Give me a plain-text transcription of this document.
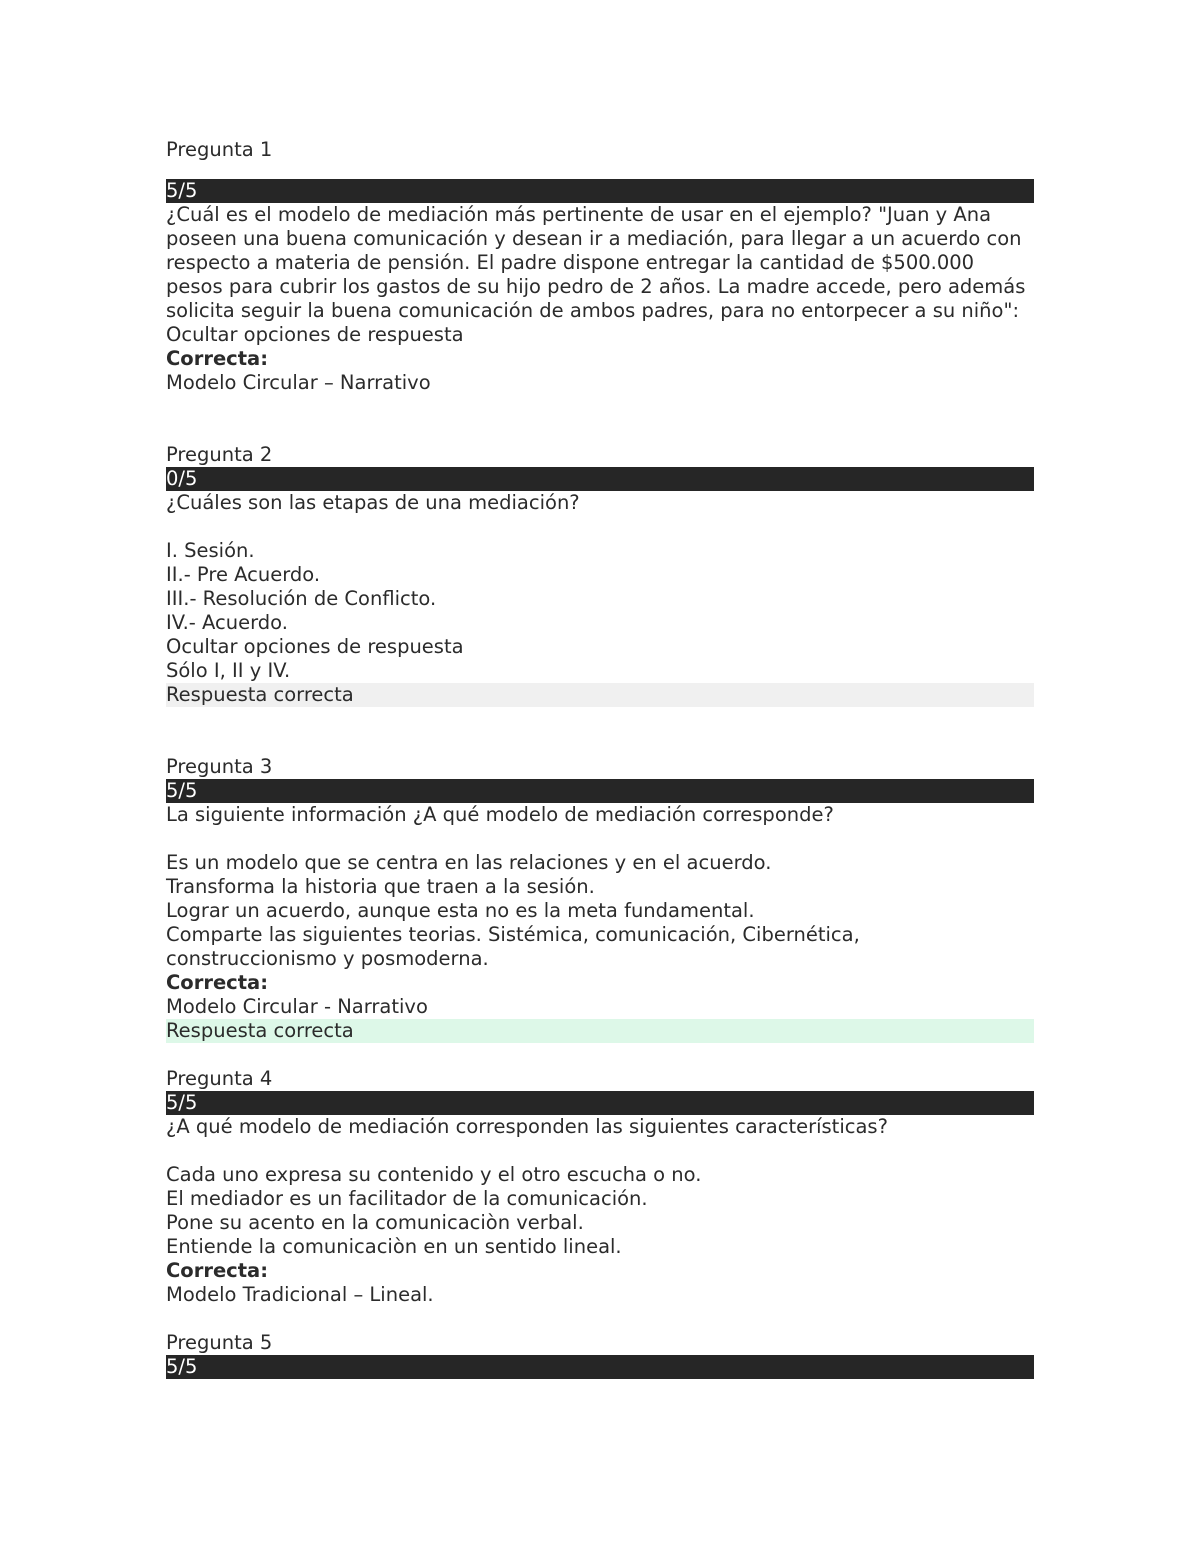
Pregunta 1
5/5
¿Cuál es el modelo de mediación más pertinente de usar en el ejemplo? "Juan y Ana poseen una buena comunicación y desean ir a mediación, para llegar a un acuerdo con respecto a materia de pensión. El padre dispone entregar la cantidad de $500.000 pesos para cubrir los gastos de su hijo pedro de 2 años. La madre accede, pero además solicita seguir la buena comunicación de ambos padres, para no entorpecer a su niño":
Ocultar opciones de respuesta
Correcta:
Modelo Circular – Narrativo
Pregunta 2
0/5
¿Cuáles son las etapas de una mediación?
I. Sesión.
II.- Pre Acuerdo.
III.- Resolución de Conflicto.
IV.- Acuerdo.
Ocultar opciones de respuesta
Sólo I, II y IV.
Respuesta correcta
Pregunta 3
5/5
La siguiente información ¿A qué modelo de mediación corresponde?
Es un modelo que se centra en las relaciones y en el acuerdo.
Transforma la historia que traen a la sesión.
Lograr un acuerdo, aunque esta no es la meta fundamental.
Comparte las siguientes teorias. Sistémica, comunicación, Cibernética, construccionismo y posmoderna.
Correcta:
Modelo Circular - Narrativo
Respuesta correcta
Pregunta 4
5/5
¿A qué modelo de mediación corresponden las siguientes características?
Cada uno expresa su contenido y el otro escucha o no.
El mediador es un facilitador de la comunicación.
Pone su acento en la comunicaciòn verbal.
Entiende la comunicaciòn en un sentido lineal.
Correcta:
Modelo Tradicional – Lineal.
Pregunta 5
5/5
